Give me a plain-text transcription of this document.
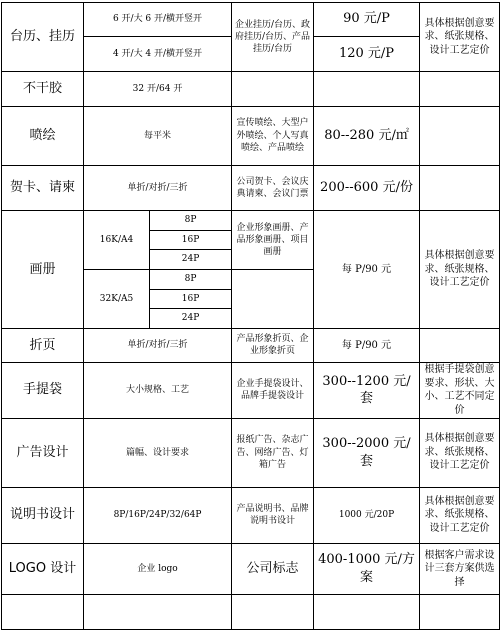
台历、挂历	6 开/大 6 开/横开竖开		企业挂历/台历、政府挂历/台历、产品挂历/台历	90 元/P	具体根据创意要求、纸张规格、设计工艺定价
	4 开/大 4 开/横开竖开			120 元/P	
不干胶	32 开/64 开				
喷绘	每平米		宣传喷绘、大型户外喷绘、个人写真喷绘、产品喷绘	80--280 元/㎡	
贺卡、请柬	单折/对折/三折		公司贺卡、会议庆典请柬、会议门票	200--600 元/份	
画册	16K/A4	8P	企业形象画册、产品形象画册、项目画册	每 P/90 元	具体根据创意要求、纸张规格、设计工艺定价
		16P			
		24P			
	32K/A5	8P			
		16P			
		24P			
折页	单折/对折/三折		产品形象折页、企业形象折页	每 P/90 元	
手提袋	大小规格、工艺		企业手提袋设计、品牌手提袋设计	300--1200 元/套	根据手提袋创意要求、形状、大小、工艺不同定价
广告设计	篇幅、设计要求		报纸广告、杂志广告、网络广告、灯箱广告	300--2000 元/套	具体根据创意要求、纸张规格、设计工艺定价
说明书设计	8P/16P/24P/32/64P		产品说明书、品牌说明书设计	1000 元/20P	具体根据创意要求、纸张规格、设计工艺定价
LOGO 设计	企业 logo		公司标志	400-1000 元/方案	根据客户需求设计三套方案供选择
